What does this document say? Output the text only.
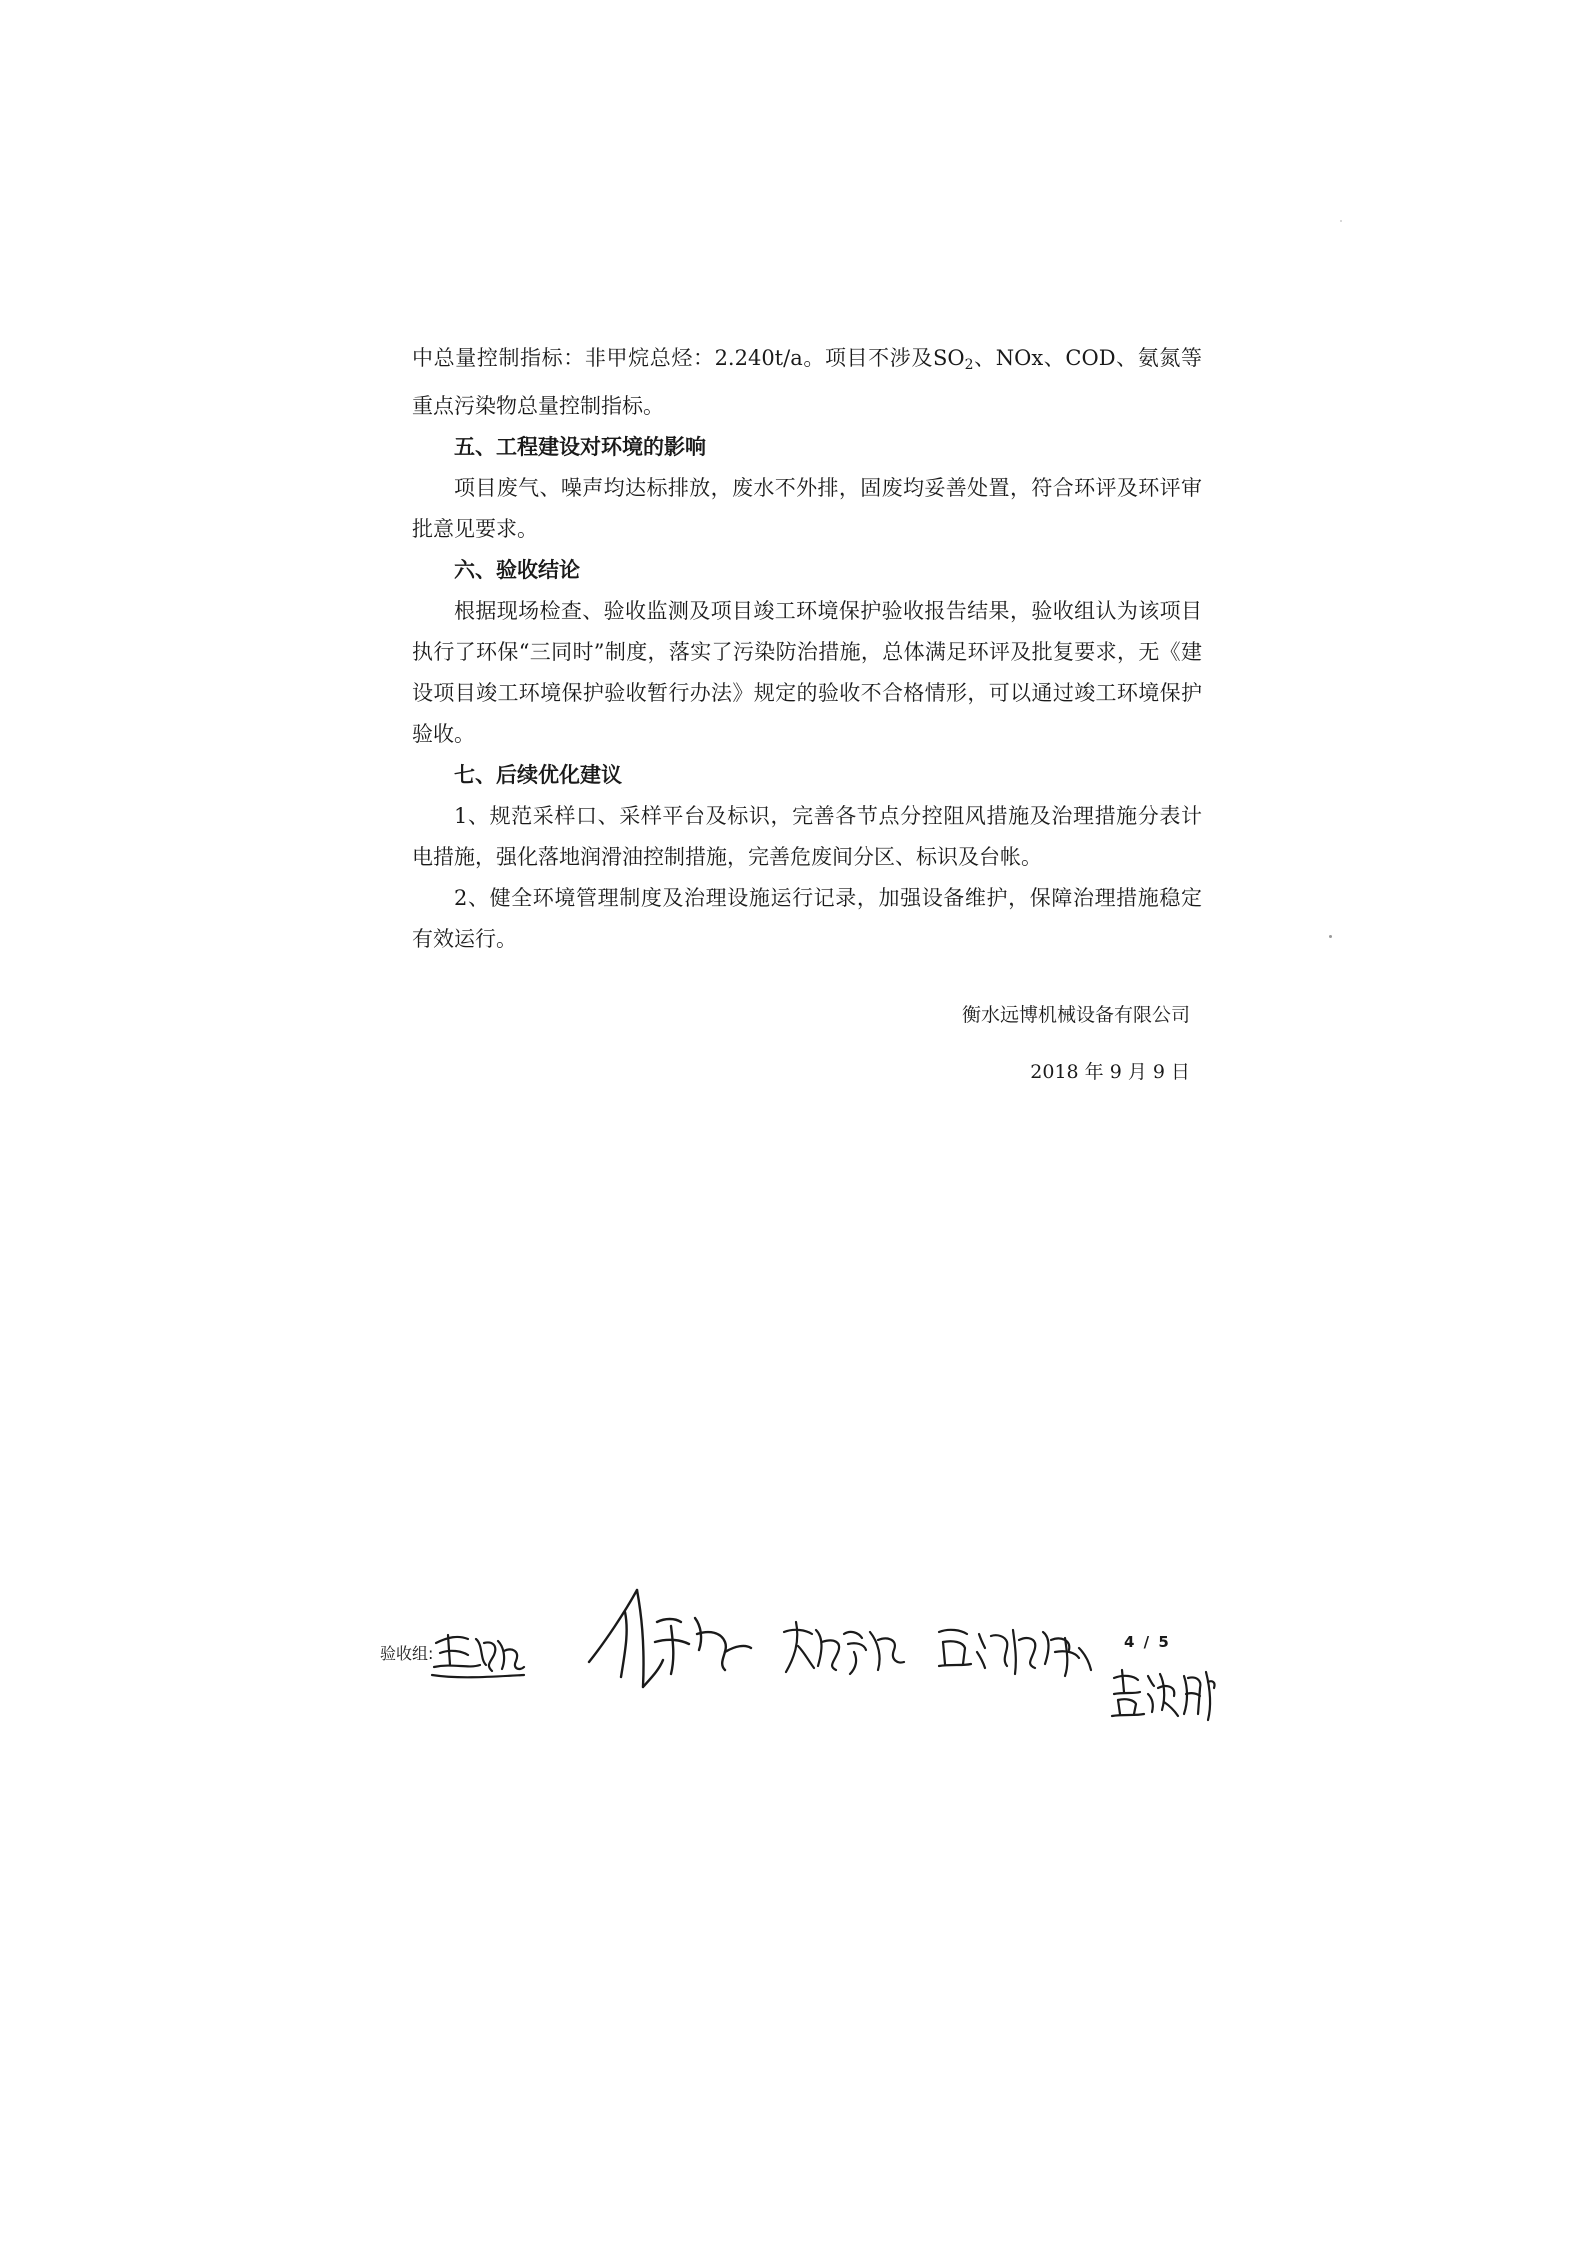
中总量控制指标：非甲烷总烃：2.240t/a。项目不涉及$SO_2$、NOx、COD、氨氮等重点污染物总量控制指标。

五、工程建设对环境的影响

项目废气、噪声均达标排放，废水不外排，固废均妥善处置，符合环评及环评审批意见要求。

六、验收结论

根据现场检查、验收监测及项目竣工环境保护验收报告结果，验收组认为该项目执行了环保“三同时”制度，落实了污染防治措施，总体满足环评及批复要求，无《建设项目竣工环境保护验收暂行办法》规定的验收不合格情形，可以通过竣工环境保护验收。

七、后续优化建议

1、规范采样口、采样平台及标识，完善各节点分控阻风措施及治理措施分表计电措施，强化落地润滑油控制措施，完善危废间分区、标识及台帐。

2、健全环境管理制度及治理设施运行记录，加强设备维护，保障治理措施稳定有效运行。

衡水远博机械设备有限公司
2018 年 9 月 9 日
验收组:
4 / 5
